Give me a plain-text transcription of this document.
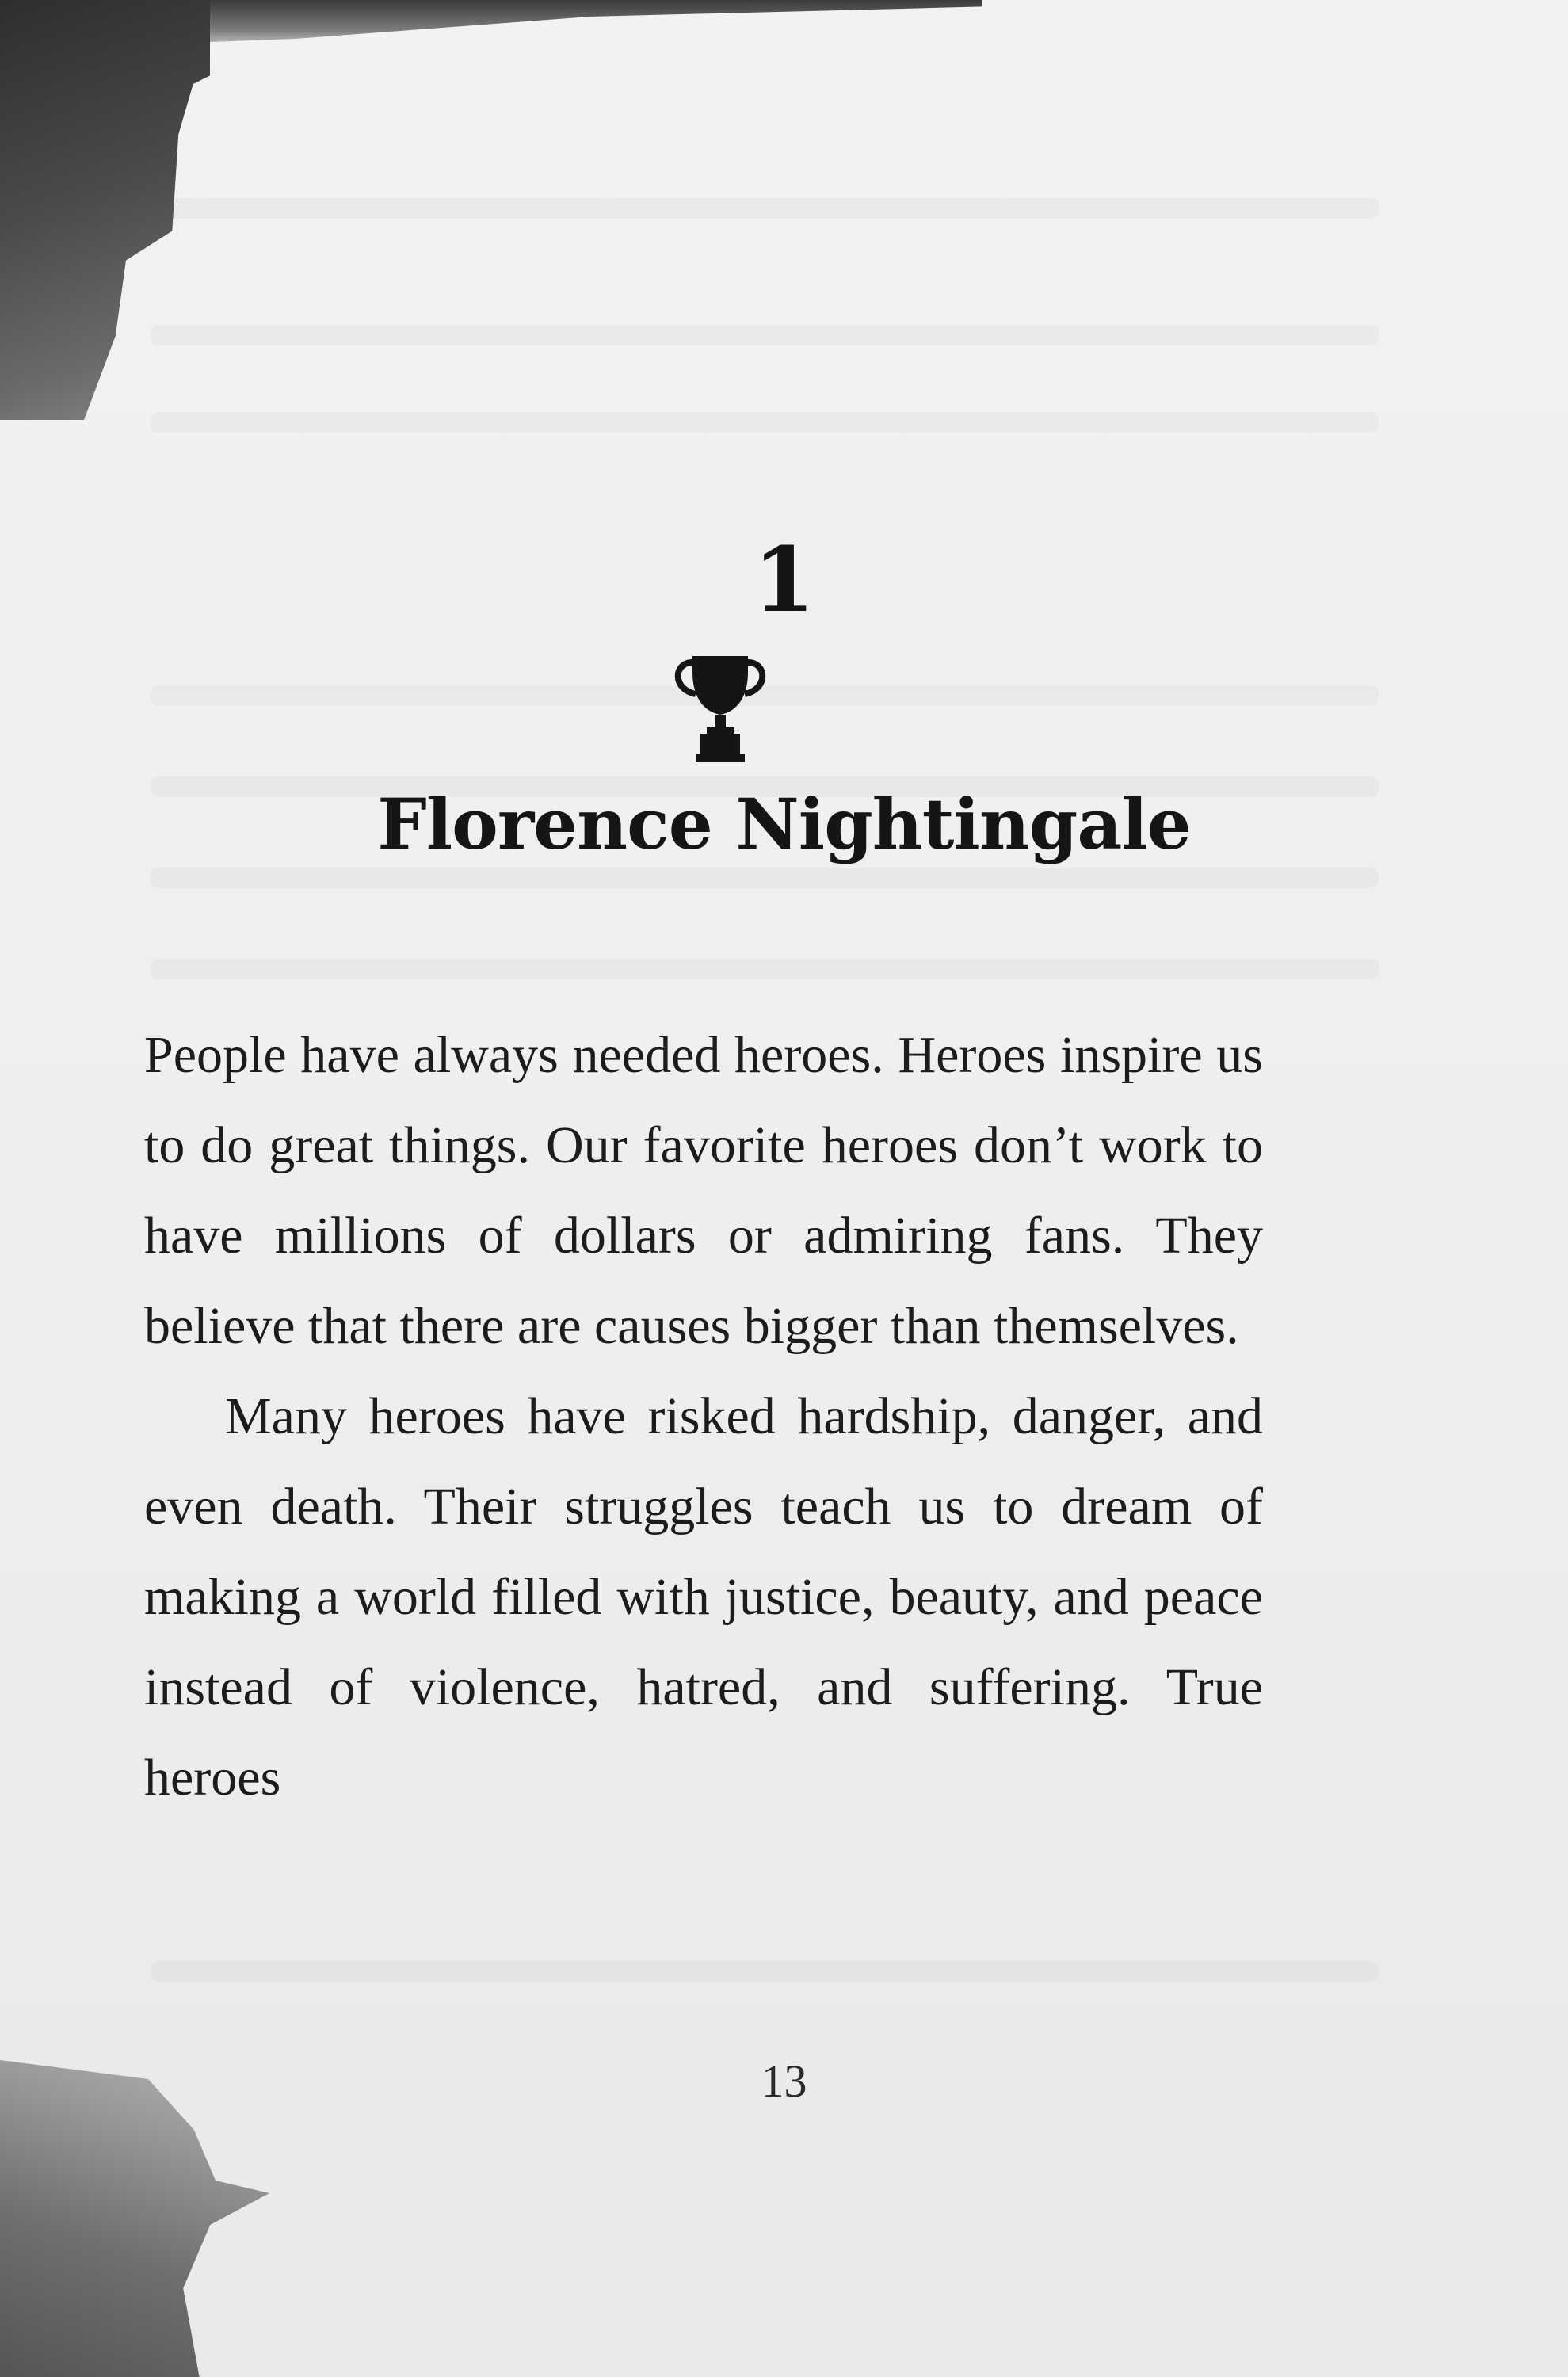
1
Florence Nightingale

People have always needed heroes. Heroes inspire us to do great things. Our favorite heroes don’t work to have millions of dollars or admiring fans. They believe that there are causes bigger than themselves.

Many heroes have risked hardship, danger, and even death. Their struggles teach us to dream of making a world filled with justice, beauty, and peace instead of violence, hatred, and suffering. True heroes

13
